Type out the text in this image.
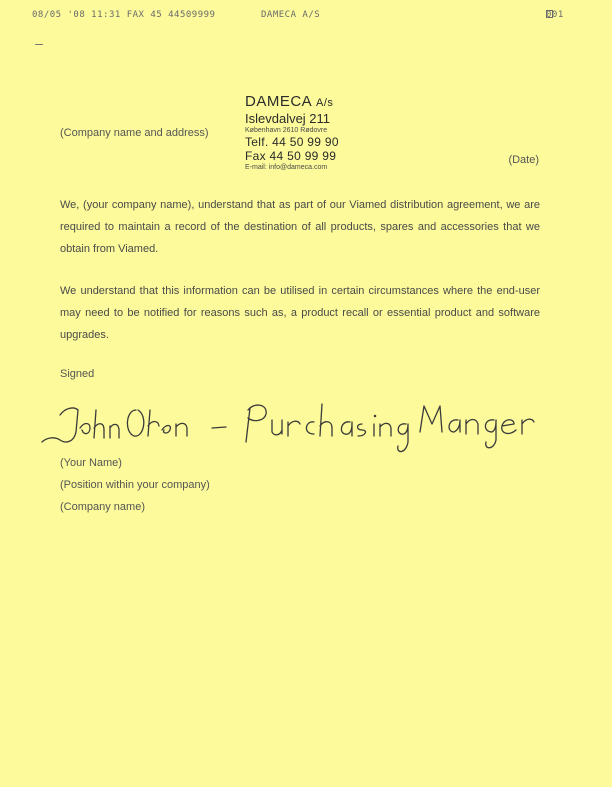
08/05 '08 11:31 FAX 45 44509999	DAMECA A/S	001
DAMECA A/s
Islevdalvej 211
København 2610 Rødovre
Telf. 44 50 99 90
Fax 44 50 99 99
E-mail: info@dameca.com
(Company name and address)
(Date)

We, (your company name), understand that as part of our Viamed distribution agreement, we are required to maintain a record of the destination of all products, spares and accessories that we obtain from Viamed.

We understand that this information can be utilised in certain circumstances where the end-user may need to be notified for reasons such as, a product recall or essential product and software upgrades.

Signed
(Your Name)
(Position within your company)
(Company name)
